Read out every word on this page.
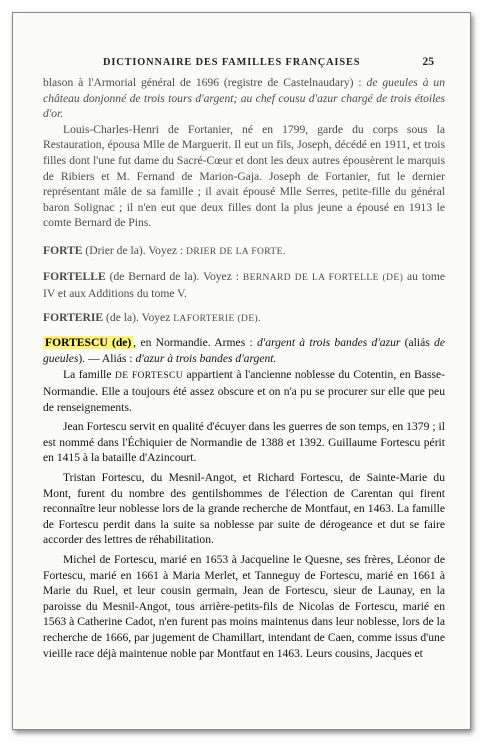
DICTIONNAIRE DES FAMILLES FRANÇAISES	25

blason à l'Armorial général de 1696 (registre de Castelnaudary) : de gueules à un château donjonné de trois tours d'argent; au chef cousu d'azur chargé de trois étoiles d'or.

Louis-Charles-Henri de Fortanier, né en 1799, garde du corps sous la Restauration, épousa Mlle de Marguerit. Il eut un fils, Joseph, décédé en 1911, et trois filles dont l'une fut dame du Sacré-Cœur et dont les deux autres épousèrent le marquis de Ribiers et M. Fernand de Marion-Gaja. Joseph de Fortanier, fut le dernier représentant mâle de sa famille ; il avait épousé Mlle Serres, petite-fille du général baron Solignac ; il n'en eut que deux filles dont la plus jeune a épousé en 1913 le comte Bernard de Pins.

FORTE (Drier de la). Voyez : DRIER DE LA FORTE.

FORTELLE (de Bernard de la). Voyez : BERNARD DE LA FORTELLE (DE) au tome IV et aux Additions du tome V.

FORTERIE (de la). Voyez LAFORTERIE (DE).

FORTESCU (de) , en Normandie. Armes : d'argent à trois bandes d'azur (aliás de gueules). — Aliás : d'azur à trois bandes d'argent.

La famille DE FORTESCU appartient à l'ancienne noblesse du Cotentin, en Basse-Normandie. Elle a toujours été assez obscure et on n'a pu se procurer sur elle que peu de renseignements.

Jean Fortescu servit en qualité d'écuyer dans les guerres de son temps, en 1379 ; il est nommé dans l'Échiquier de Normandie de 1388 et 1392. Guillaume Fortescu périt en 1415 à la bataille d'Azincourt.

Tristan Fortescu, du Mesnil-Angot, et Richard Fortescu, de Sainte-Marie du Mont, furent du nombre des gentilshommes de l'élection de Carentan qui firent reconnaître leur noblesse lors de la grande recherche de Montfaut, en 1463. La famille de Fortescu perdit dans la suite sa noblesse par suite de dérogeance et dut se faire accorder des lettres de réhabilitation.

Michel de Fortescu, marié en 1653 à Jacqueline le Quesne, ses frères, Léonor de Fortescu, marié en 1661 à Maria Merlet, et Tanneguy de Fortescu, marié en 1661 à Marie du Ruel, et leur cousin germain, Jean de Fortescu, sieur de Launay, en la paroisse du Mesnil-Angot, tous arrière-petits-fils de Nicolas de Fortescu, marié en 1563 à Catherine Cadot, n'en furent pas moins maintenus dans leur noblesse, lors de la recherche de 1666, par jugement de Chamillart, intendant de Caen, comme issus d'une vieille race déjà maintenue noble par Montfaut en 1463. Leurs cousins, Jacques et
